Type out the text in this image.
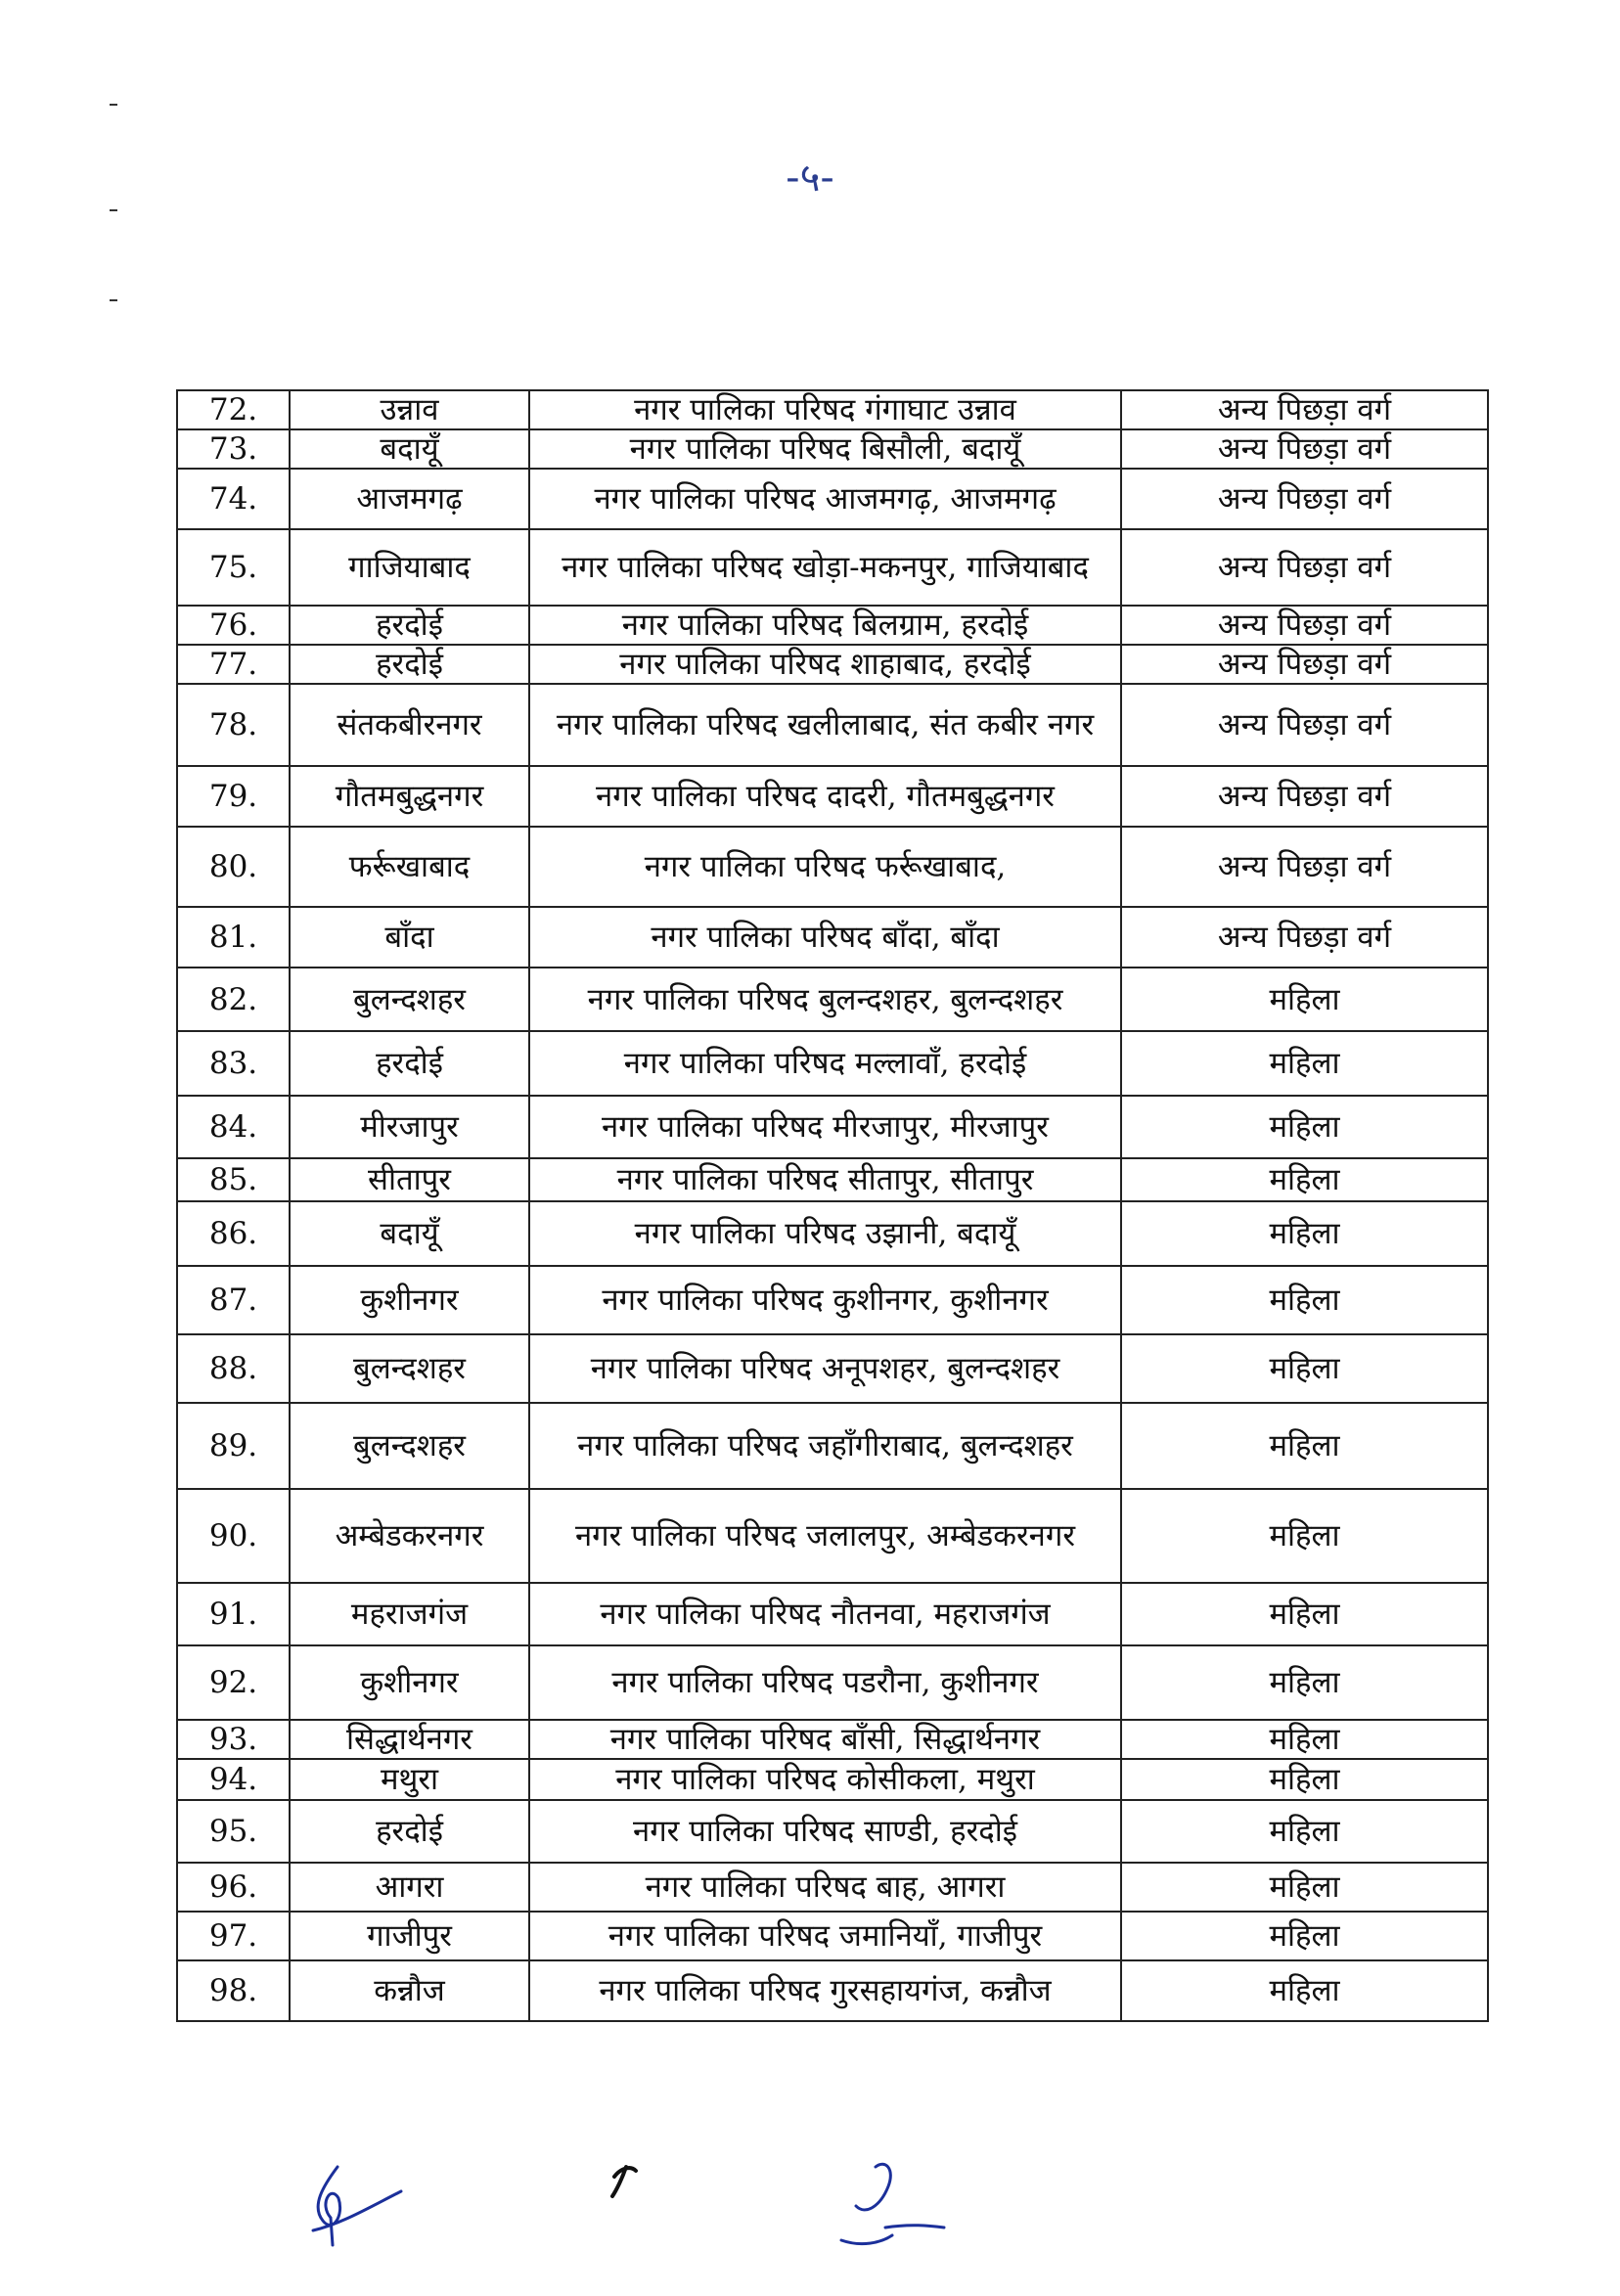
-५-
72.	उन्नाव	नगर पालिका परिषद गंगाघाट उन्नाव	अन्य पिछड़ा वर्ग
73.	बदायूँ	नगर पालिका परिषद बिसौली, बदायूँ	अन्य पिछड़ा वर्ग
74.	आजमगढ़	नगर पालिका परिषद आजमगढ़, आजमगढ़	अन्य पिछड़ा वर्ग
75.	गाजियाबाद	नगर पालिका परिषद खोड़ा-मकनपुर, गाजियाबाद	अन्य पिछड़ा वर्ग
76.	हरदोई	नगर पालिका परिषद बिलग्राम, हरदोई	अन्य पिछड़ा वर्ग
77.	हरदोई	नगर पालिका परिषद शाहाबाद, हरदोई	अन्य पिछड़ा वर्ग
78.	संतकबीरनगर	नगर पालिका परिषद खलीलाबाद, संत कबीर नगर	अन्य पिछड़ा वर्ग
79.	गौतमबुद्धनगर	नगर पालिका परिषद दादरी, गौतमबुद्धनगर	अन्य पिछड़ा वर्ग
80.	फर्रूखाबाद	नगर पालिका परिषद फर्रूखाबाद,	अन्य पिछड़ा वर्ग
81.	बाँदा	नगर पालिका परिषद बाँदा, बाँदा	अन्य पिछड़ा वर्ग
82.	बुलन्दशहर	नगर पालिका परिषद बुलन्दशहर, बुलन्दशहर	महिला
83.	हरदोई	नगर पालिका परिषद मल्लावाँ, हरदोई	महिला
84.	मीरजापुर	नगर पालिका परिषद मीरजापुर, मीरजापुर	महिला
85.	सीतापुर	नगर पालिका परिषद सीतापुर, सीतापुर	महिला
86.	बदायूँ	नगर पालिका परिषद उझानी, बदायूँ	महिला
87.	कुशीनगर	नगर पालिका परिषद कुशीनगर, कुशीनगर	महिला
88.	बुलन्दशहर	नगर पालिका परिषद अनूपशहर, बुलन्दशहर	महिला
89.	बुलन्दशहर	नगर पालिका परिषद जहाँगीराबाद, बुलन्दशहर	महिला
90.	अम्बेडकरनगर	नगर पालिका परिषद जलालपुर, अम्बेडकरनगर	महिला
91.	महराजगंज	नगर पालिका परिषद नौतनवा, महराजगंज	महिला
92.	कुशीनगर	नगर पालिका परिषद पडरौना, कुशीनगर	महिला
93.	सिद्धार्थनगर	नगर पालिका परिषद बाँसी, सिद्धार्थनगर	महिला
94.	मथुरा	नगर पालिका परिषद कोसीकला, मथुरा	महिला
95.	हरदोई	नगर पालिका परिषद साण्डी, हरदोई	महिला
96.	आगरा	नगर पालिका परिषद बाह, आगरा	महिला
97.	गाजीपुर	नगर पालिका परिषद जमानियाँ, गाजीपुर	महिला
98.	कन्नौज	नगर पालिका परिषद गुरसहायगंज, कन्नौज	महिला
